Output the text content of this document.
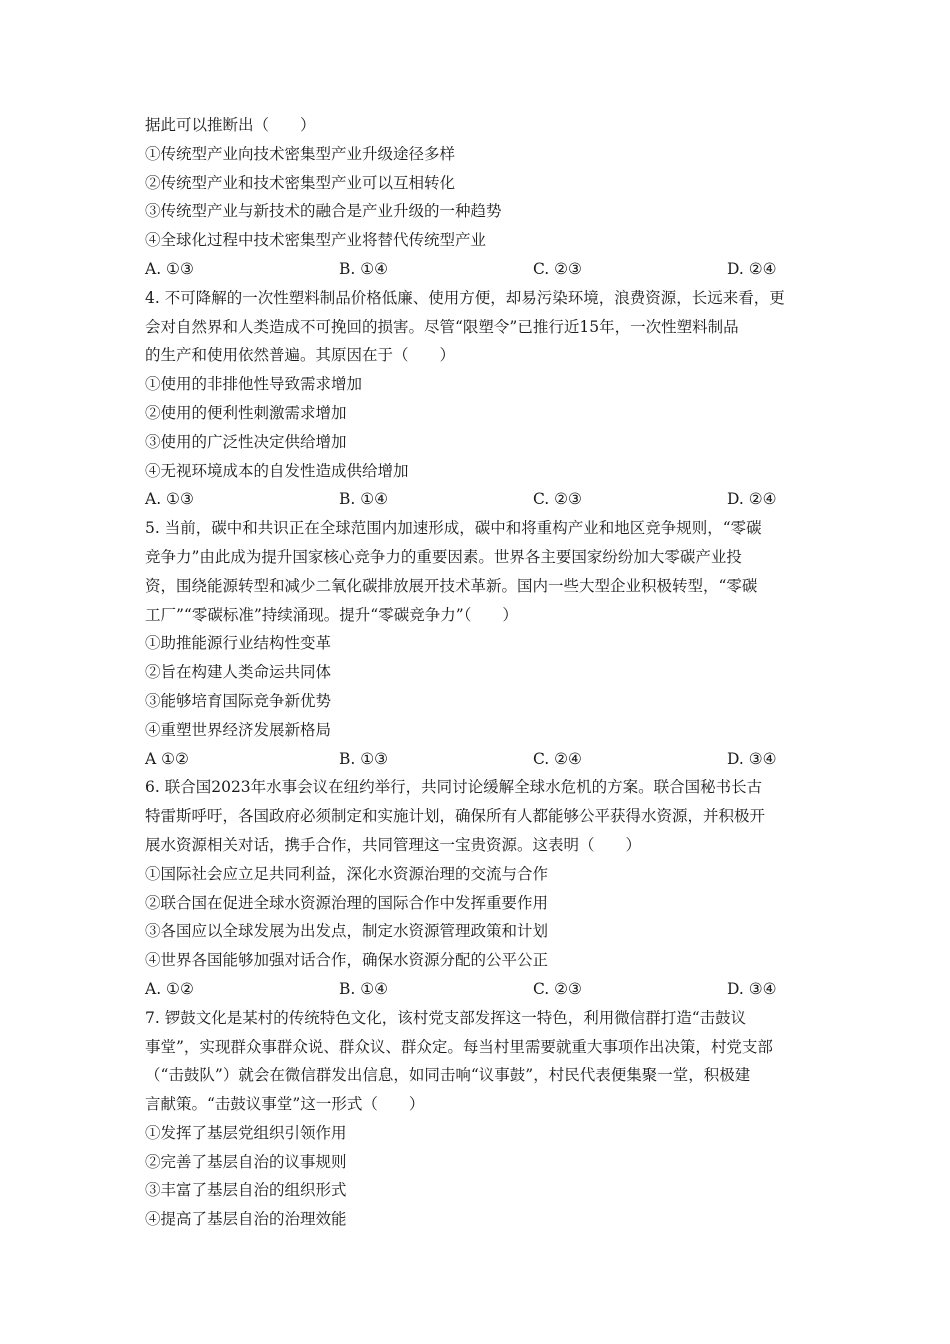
据此可以推断出（　　）
①传统型产业向技术密集型产业升级途径多样
②传统型产业和技术密集型产业可以互相转化
③传统型产业与新技术的融合是产业升级的一种趋势
④全球化过程中技术密集型产业将替代传统型产业
A. ①③	B. ①④	C. ②③	D. ②④
4. 不可降解的一次性塑料制品价格低廉、使用方便，却易污染环境，浪费资源，长远来看，更
会对自然界和人类造成不可挽回的损害。尽管“限塑令”已推行近15年，一次性塑料制品
的生产和使用依然普遍。其原因在于（　　）
①使用的非排他性导致需求增加
②使用的便利性刺激需求增加
③使用的广泛性决定供给增加
④无视环境成本的自发性造成供给增加
A. ①③	B. ①④	C. ②③	D. ②④
5. 当前，碳中和共识正在全球范围内加速形成，碳中和将重构产业和地区竞争规则，“零碳
竞争力”由此成为提升国家核心竞争力的重要因素。世界各主要国家纷纷加大零碳产业投
资，围绕能源转型和减少二氧化碳排放展开技术革新。国内一些大型企业积极转型，“零碳
工厂”“零碳标准”持续涌现。提升“零碳竞争力”（　　）
①助推能源行业结构性变革
②旨在构建人类命运共同体
③能够培育国际竞争新优势
④重塑世界经济发展新格局
A ①②	B. ①③	C. ②④	D. ③④
6. 联合国2023年水事会议在纽约举行，共同讨论缓解全球水危机的方案。联合国秘书长古
特雷斯呼吁，各国政府必须制定和实施计划，确保所有人都能够公平获得水资源，并积极开
展水资源相关对话，携手合作，共同管理这一宝贵资源。这表明（　　）
①国际社会应立足共同利益，深化水资源治理的交流与合作
②联合国在促进全球水资源治理的国际合作中发挥重要作用
③各国应以全球发展为出发点，制定水资源管理政策和计划
④世界各国能够加强对话合作，确保水资源分配的公平公正
A. ①②	B. ①④	C. ②③	D. ③④
7. 锣鼓文化是某村的传统特色文化，该村党支部发挥这一特色，利用微信群打造“击鼓议
事堂”，实现群众事群众说、群众议、群众定。每当村里需要就重大事项作出决策，村党支部
（“击鼓队”）就会在微信群发出信息，如同击响“议事鼓”，村民代表便集聚一堂，积极建
言献策。“击鼓议事堂”这一形式（　　）
①发挥了基层党组织引领作用
②完善了基层自治的议事规则
③丰富了基层自治的组织形式
④提高了基层自治的治理效能
